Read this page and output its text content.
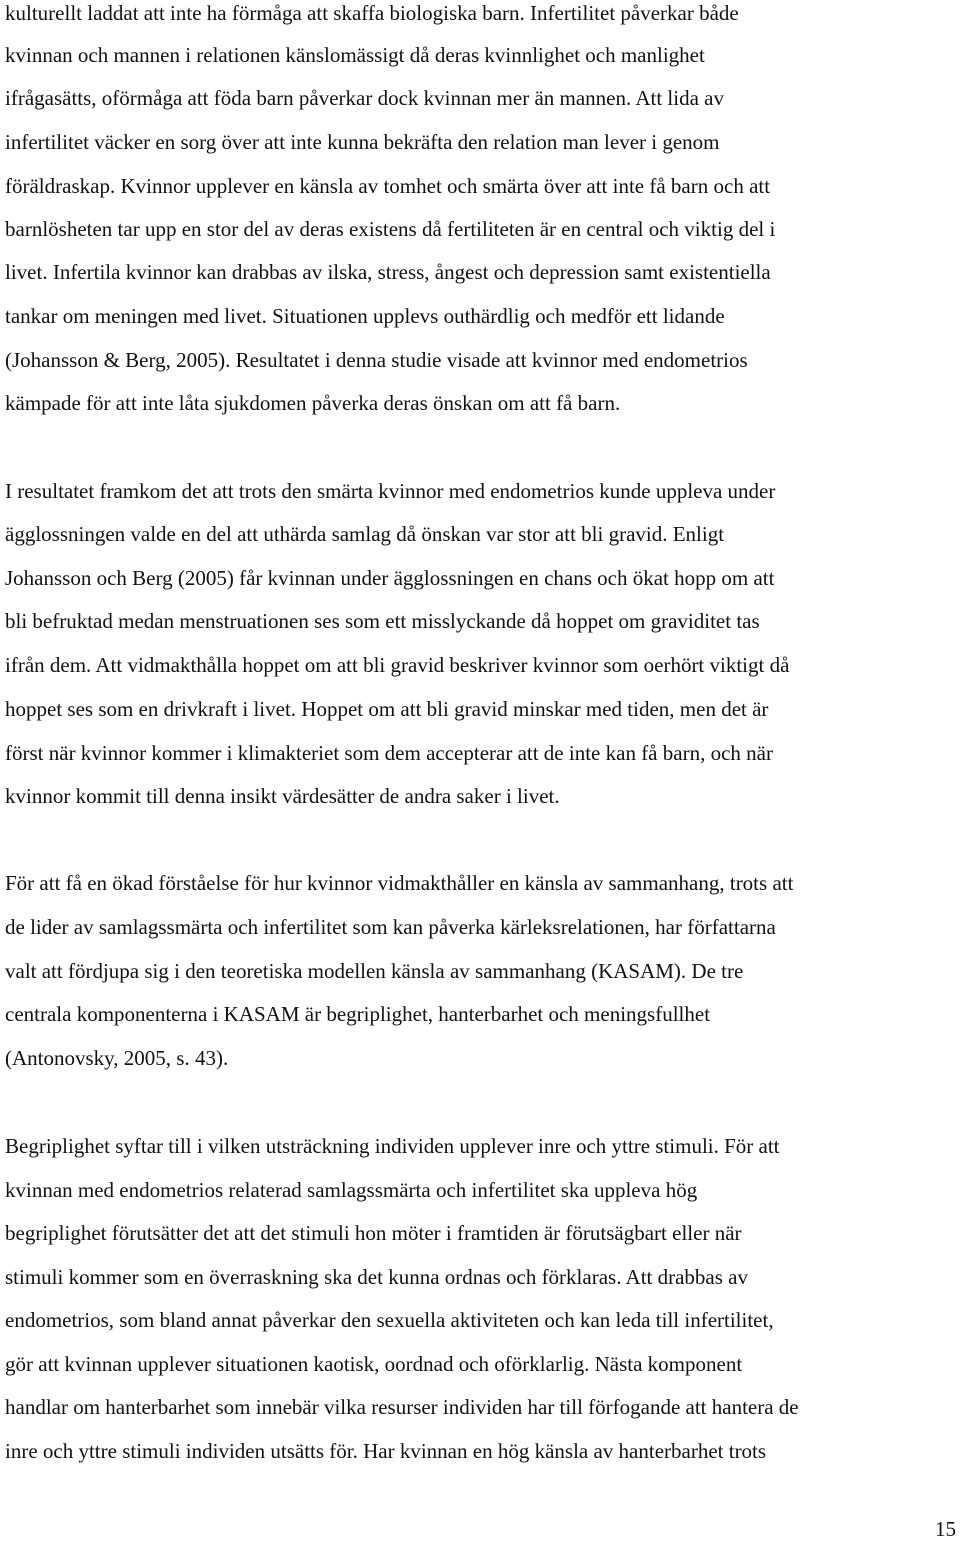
kulturellt laddat att inte ha förmåga att skaffa biologiska barn. Infertilitet påverkar både
kvinnan och mannen i relationen känslomässigt då deras kvinnlighet och manlighet
ifrågasätts, oförmåga att föda barn påverkar dock kvinnan mer än mannen. Att lida av
infertilitet väcker en sorg över att inte kunna bekräfta den relation man lever i genom
föräldraskap. Kvinnor upplever en känsla av tomhet och smärta över att inte få barn och att
barnlösheten tar upp en stor del av deras existens då fertiliteten är en central och viktig del i
livet. Infertila kvinnor kan drabbas av ilska, stress, ångest och depression samt existentiella
tankar om meningen med livet. Situationen upplevs outhärdlig och medför ett lidande
(Johansson & Berg, 2005). Resultatet i denna studie visade att kvinnor med endometrios
kämpade för att inte låta sjukdomen påverka deras önskan om att få barn.
I resultatet framkom det att trots den smärta kvinnor med endometrios kunde uppleva under
ägglossningen valde en del att uthärda samlag då önskan var stor att bli gravid. Enligt
Johansson och Berg (2005) får kvinnan under ägglossningen en chans och ökat hopp om att
bli befruktad medan menstruationen ses som ett misslyckande då hoppet om graviditet tas
ifrån dem. Att vidmakthålla hoppet om att bli gravid beskriver kvinnor som oerhört viktigt då
hoppet ses som en drivkraft i livet. Hoppet om att bli gravid minskar med tiden, men det är
först när kvinnor kommer i klimakteriet som dem accepterar att de inte kan få barn, och när
kvinnor kommit till denna insikt värdesätter de andra saker i livet.
För att få en ökad förståelse för hur kvinnor vidmakthåller en känsla av sammanhang, trots att
de lider av samlagssmärta och infertilitet som kan påverka kärleksrelationen, har författarna
valt att fördjupa sig i den teoretiska modellen känsla av sammanhang (KASAM). De tre
centrala komponenterna i KASAM är begriplighet, hanterbarhet och meningsfullhet
(Antonovsky, 2005, s. 43).
Begriplighet syftar till i vilken utsträckning individen upplever inre och yttre stimuli. För att
kvinnan med endometrios relaterad samlagssmärta och infertilitet ska uppleva hög
begriplighet förutsätter det att det stimuli hon möter i framtiden är förutsägbart eller när
stimuli kommer som en överraskning ska det kunna ordnas och förklaras. Att drabbas av
endometrios, som bland annat påverkar den sexuella aktiviteten och kan leda till infertilitet,
gör att kvinnan upplever situationen kaotisk, oordnad och oförklarlig. Nästa komponent
handlar om hanterbarhet som innebär vilka resurser individen har till förfogande att hantera de
inre och yttre stimuli individen utsätts för. Har kvinnan en hög känsla av hanterbarhet trots
15
